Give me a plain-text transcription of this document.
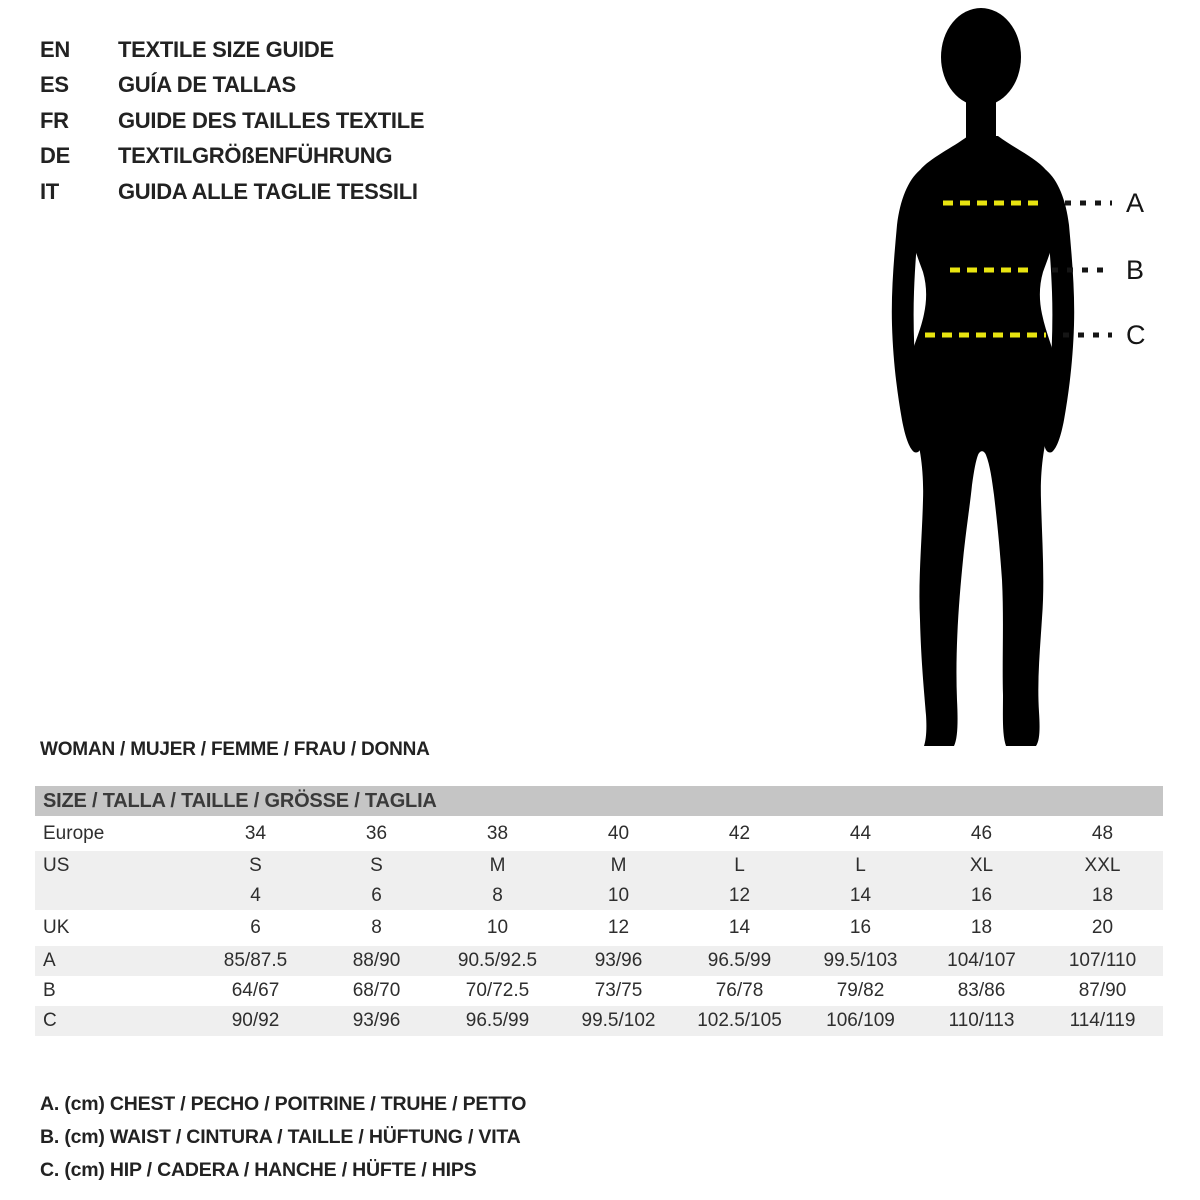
EN	TEXTILE SIZE GUIDE
ES	GUÍA DE TALLAS
FR	GUIDE DES TAILLES TEXTILE
DE	TEXTILGRÖßENFÜHRUNG
IT	GUIDA ALLE TAGLIE TESSILI	A
B
C
WOMAN / MUJER / FEMME / FRAU / DONNA
SIZE / TALLA / TAILLE / GRÖSSE / TAGLIA
Europe	34	36	38	40	42	44	46	48
US	S	S	M	M	L	L	XL	XXL
4	6	8	10	12	14	16	18
UK	6	8	10	12	14	16	18	20
A	85/87.5	88/90	90.5/92.5	93/96	96.5/99	99.5/103	104/107	107/110
B	64/67	68/70	70/72.5	73/75	76/78	79/82	83/86	87/90
C	90/92	93/96	96.5/99	99.5/102	102.5/105	106/109	110/113	114/119
A. (cm) CHEST / PECHO / POITRINE / TRUHE / PETTO
B. (cm) WAIST / CINTURA / TAILLE / HÜFTUNG / VITA
C. (cm) HIP / CADERA / HANCHE / HÜFTE / HIPS
